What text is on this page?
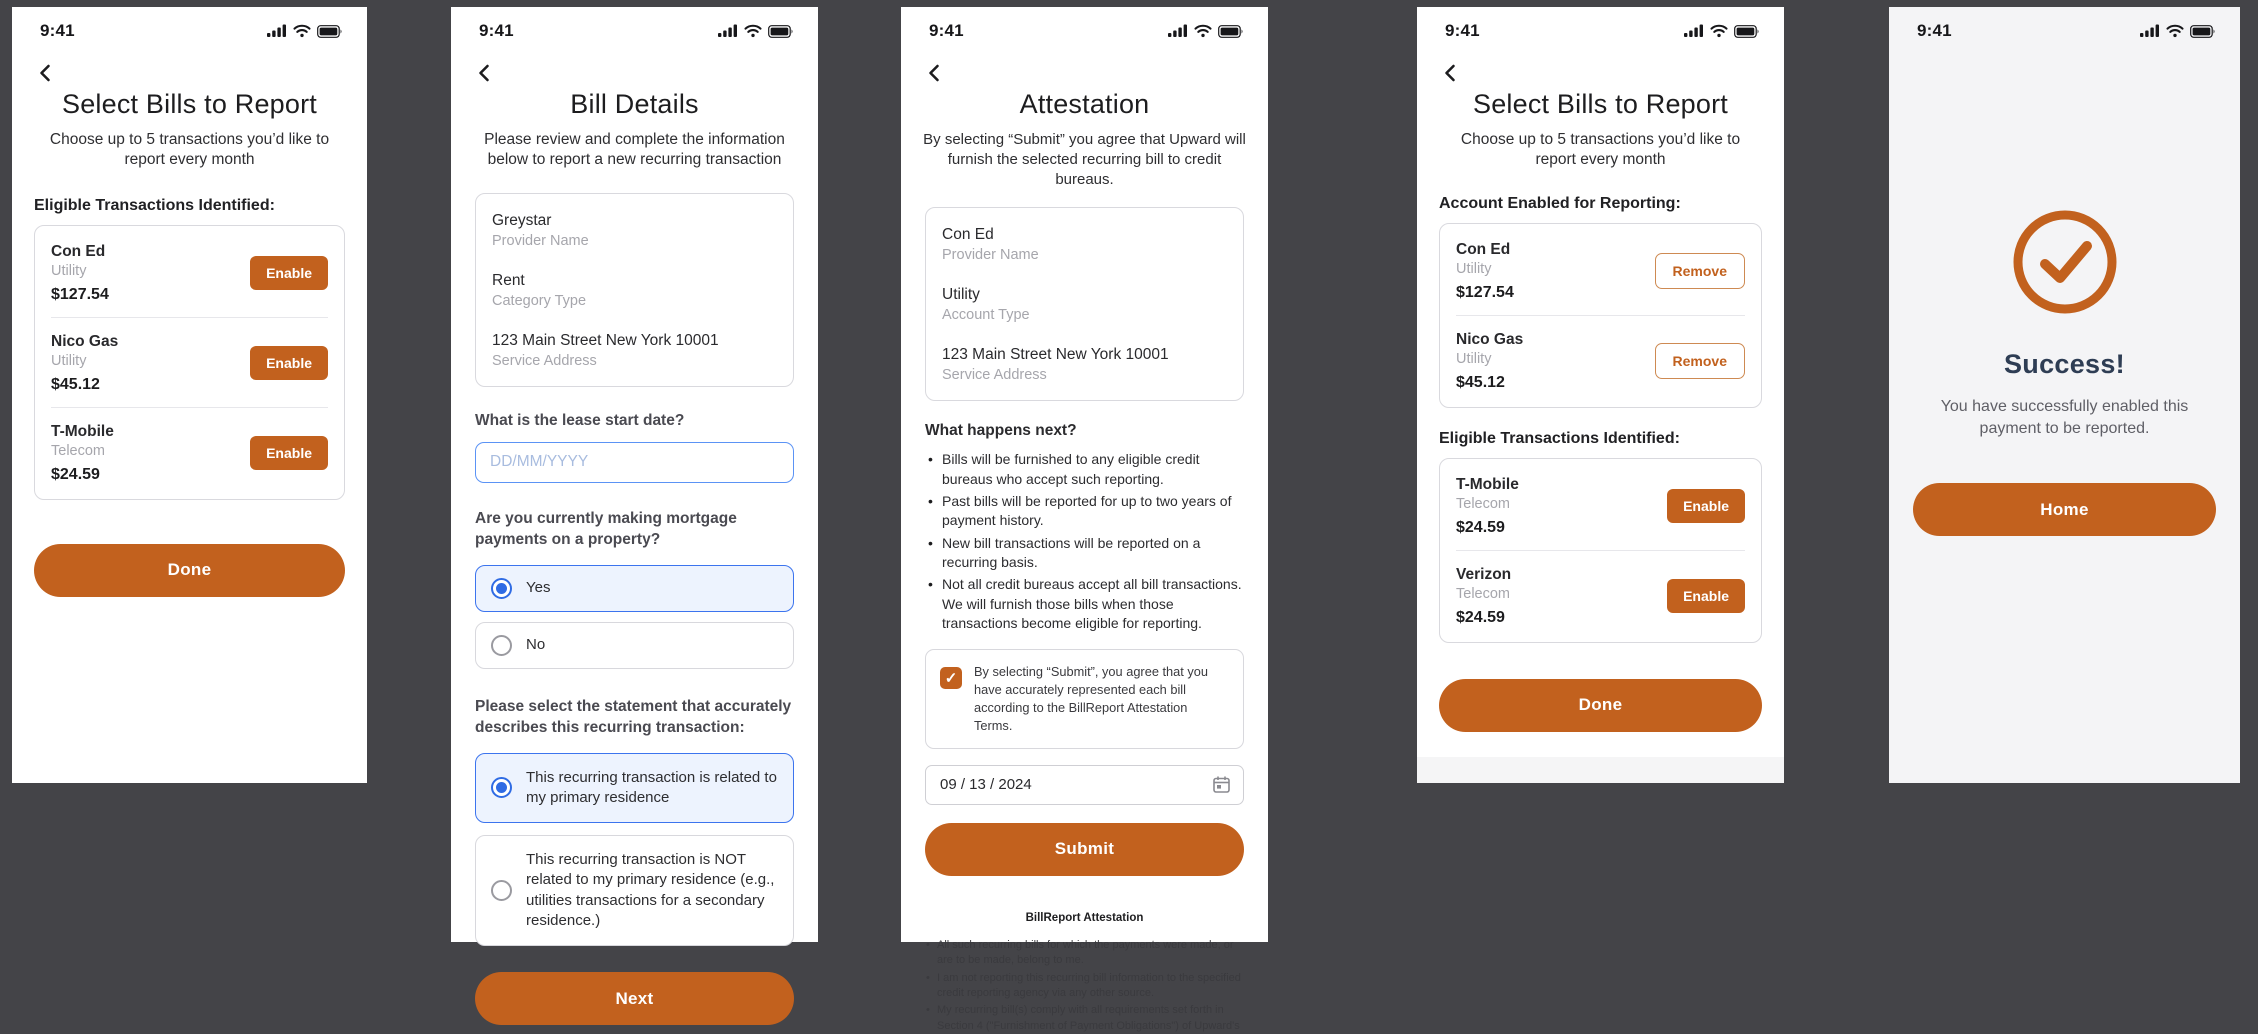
9:41
Select Bills to Report
Choose up to 5 transactions you’d like to report every month
Eligible Transactions Identified:
Con Ed
Utility
$127.54
Enable
Nico Gas
Utility
$45.12
Enable
T-Mobile
Telecom
$24.59
Enable
Done
9:41
Bill Details
Please review and complete the information below to report a new recurring transaction
Greystar
Provider Name
Rent
Category Type
123 Main Street New York 10001
Service Address
What is the lease start date?
DD/MM/YYYY
Are you currently making mortgage payments on a property?
Yes
No
Please select the statement that accurately describes this recurring transaction:
This recurring transaction is related to my primary residence
This recurring transaction is NOT related to my primary residence (e.g., utilities transactions for a secondary residence.)
Next
9:41
Attestation
By selecting “Submit” you agree that Upward will furnish the selected recurring bill to credit bureaus.
Con Ed
Provider Name
Utility
Account Type
123 Main Street New York 10001
Service Address
What happens next?
• Bills will be furnished to any eligible credit bureaus who accept such reporting.
• Past bills will be reported for up to two years of payment history.
• New bill transactions will be reported on a recurring basis.
• Not all credit bureaus accept all bill transactions. We will furnish those bills when those transactions become eligible for reporting.
✓	By selecting “Submit”, you agree that you have accurately represented each bill according to the BillReport Attestation Terms.
09 / 13 / 2024
Submit
BillReport Attestation
• All such recurring bills for which the payments were made, or are to be made, belong to me.
• I am not reporting this recurring bill information to the specified credit reporting agency via any other source.
• My recurring bill(s) comply with all requirements set forth in Section 4 ("Furnishment of Payment Obligations") of Upward's
9:41
Select Bills to Report
Choose up to 5 transactions you’d like to report every month
Account Enabled for Reporting:
Con Ed
Utility
$127.54
Remove
Nico Gas
Utility
$45.12
Remove
Eligible Transactions Identified:
T-Mobile
Telecom
$24.59
Enable
Verizon
Telecom
$24.59
Enable
Done
9:41
Success!
You have successfully enabled this payment to be reported.
Home
